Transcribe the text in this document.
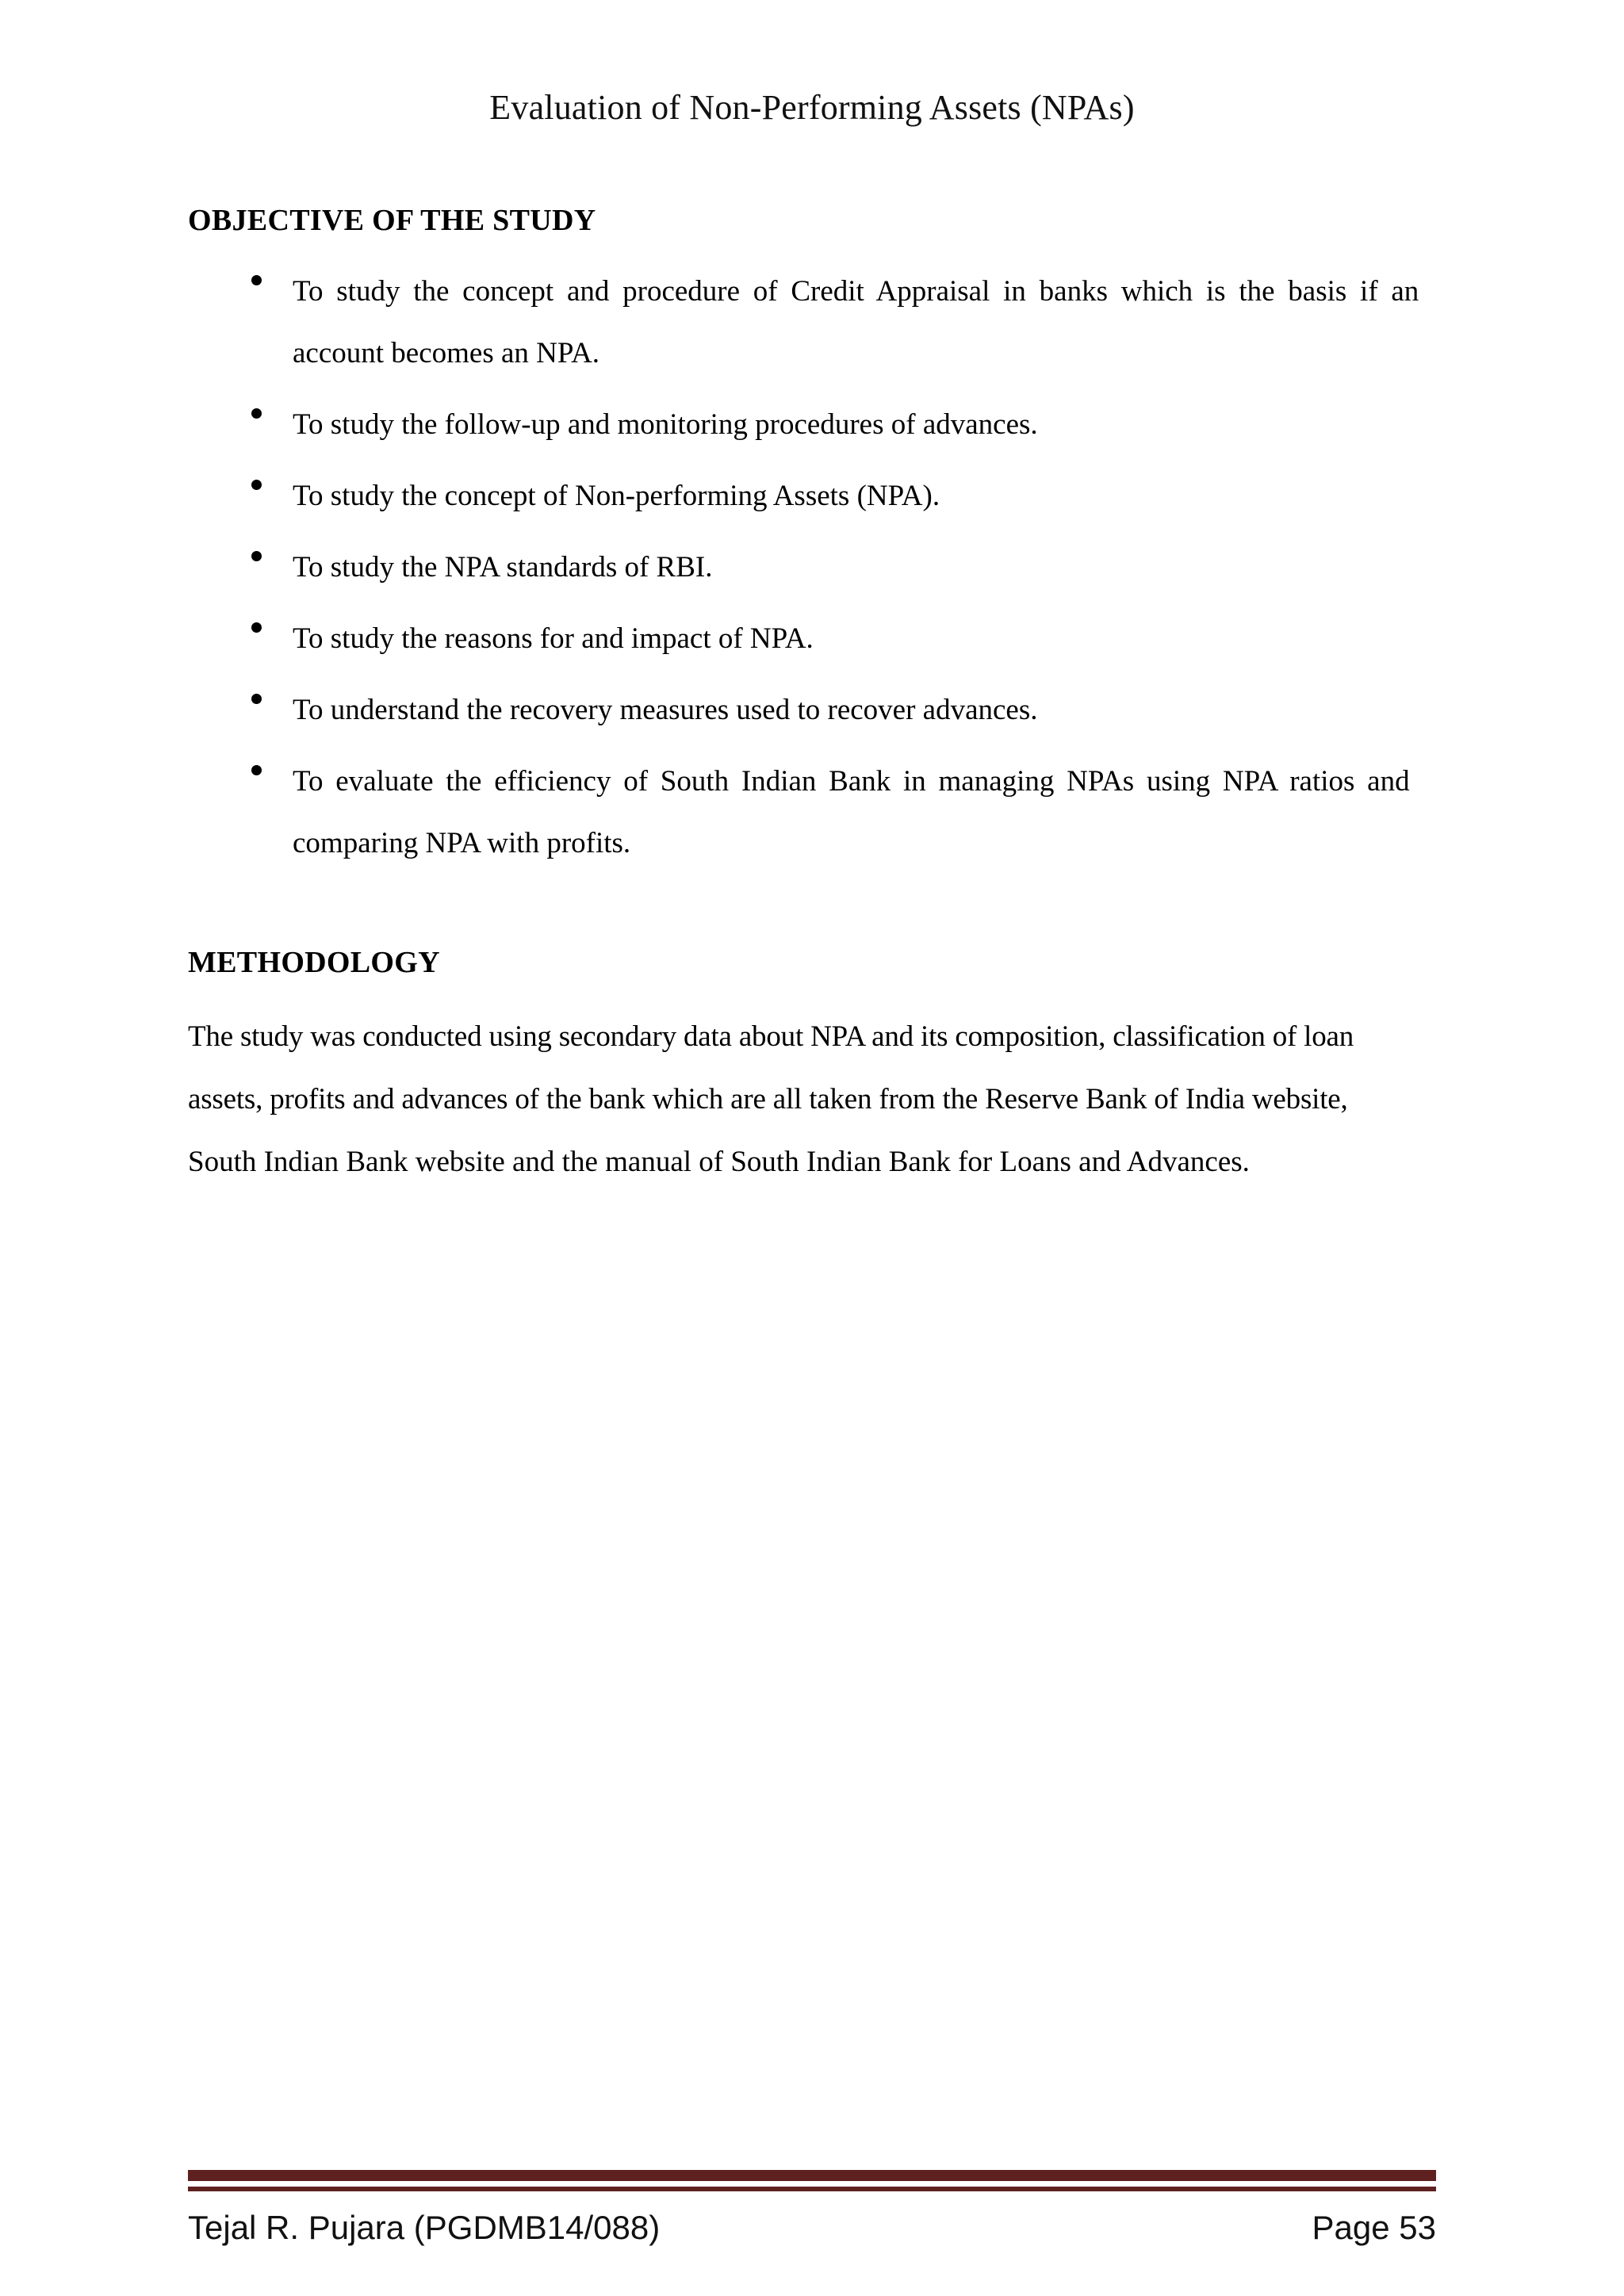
Evaluation of Non-Performing Assets (NPAs)
OBJECTIVE OF THE STUDY
To study the concept and procedure of Credit Appraisal in banks which is the basis if an
account becomes an NPA.
To study the follow-up and monitoring procedures of advances.
To study the concept of Non-performing Assets (NPA).
To study the NPA standards of RBI.
To study the reasons for and impact of NPA.
To understand the recovery measures used to recover advances.
To evaluate the efficiency of South Indian Bank in managing NPAs using NPA ratios and
comparing NPA with profits.
METHODOLOGY

The study was conducted using secondary data about NPA and its composition, classification of loan
assets, profits and advances of the bank which are all taken from the Reserve Bank of India website,
South Indian Bank website and the manual of South Indian Bank for Loans and Advances.

Tejal R. Pujara (PGDMB14/088)	Page 53
